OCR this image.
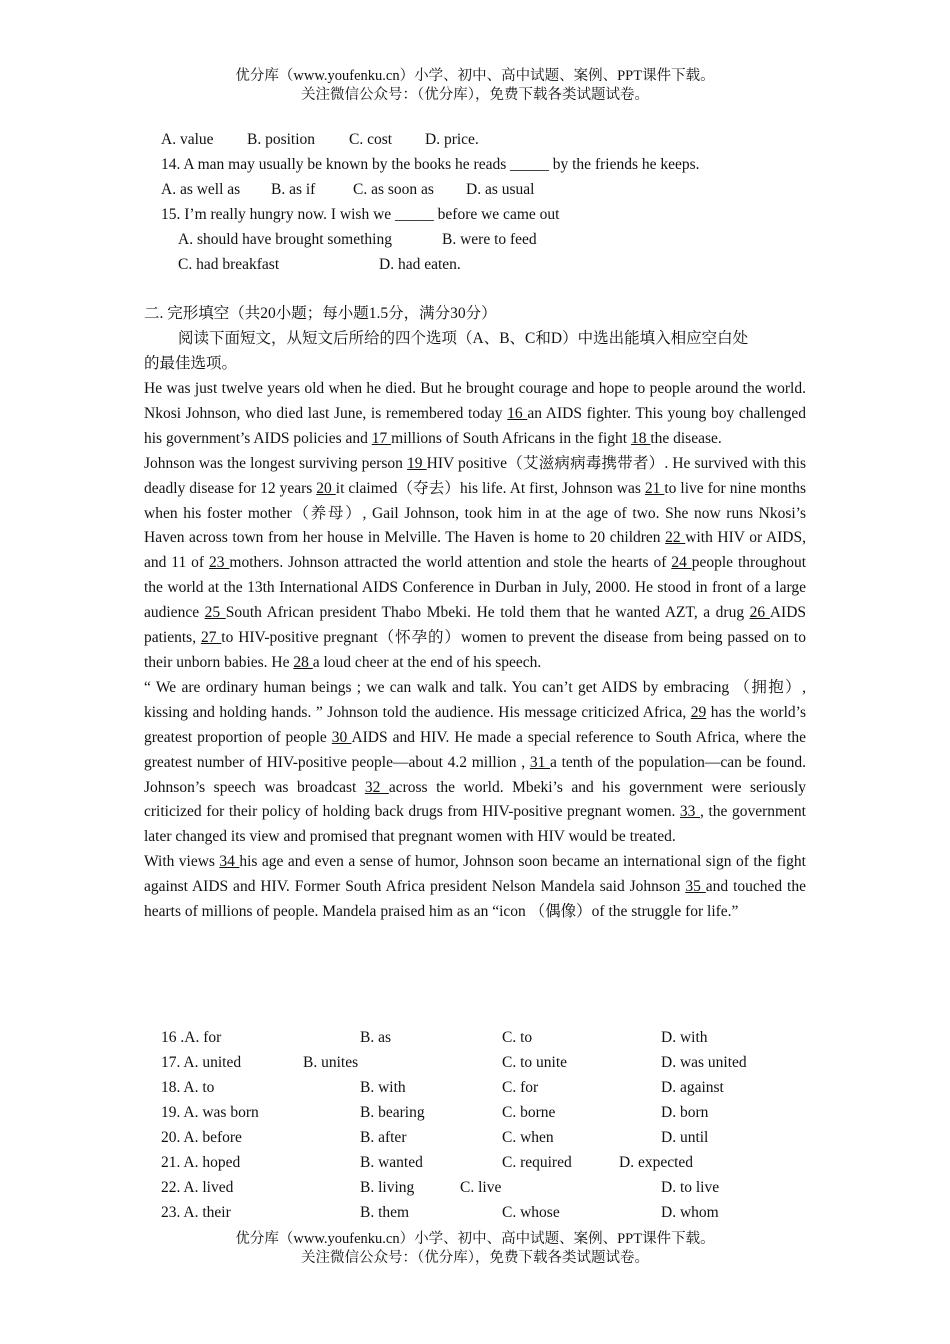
优分库（www.youfenku.cn）小学、初中、高中试题、案例、PPT课件下载。
关注微信公众号：（优分库），免费下载各类试题试卷。
A. value B. position C. cost D. price.
14. A man may usually be known by the books he reads _____ by the friends he keeps.
A. as well as B. as if C. as soon as D. as usual
15. I’m really hungry now. I wish we _____ before we came out
A. should have brought something	B. were to feed
C. had breakfast	D. had eaten.
二. 完形填空（共20小题；每小题1.5分，满分30分）
阅读下面短文，从短文后所给的四个选项（A、B、C和D）中选出能填入相应空白处
的最佳选项。

He was just twelve years old when he died. But he brought courage and hope to people around the world. Nkosi Johnson, who died last June, is remembered today 16 an AIDS fighter. This young boy challenged his government’s AIDS policies and 17 millions of South Africans in the fight 18 the disease.

Johnson was the longest surviving person 19 HIV positive（艾滋病病毒携带者）. He survived with this deadly disease for 12 years 20 it claimed（夺去）his life. At first, Johnson was 21 to live for nine months when his foster mother（养母）, Gail Johnson, took him in at the age of two. She now runs Nkosi’s Haven across town from her house in Melville. The Haven is home to 20 children 22 with HIV or AIDS, and 11 of 23 mothers. Johnson attracted the world attention and stole the hearts of 24 people throughout the world at the 13th International AIDS Conference in Durban in July, 2000. He stood in front of a large audience 25 South African president Thabo Mbeki. He told them that he wanted AZT, a drug 26 AIDS patients, 27 to HIV-positive pregnant（怀孕的）women to prevent the disease from being passed on to their unborn babies. He 28 a loud cheer at the end of his speech.

“ We are ordinary human beings ; we can walk and talk. You can’t get AIDS by embracing （拥抱）, kissing and holding hands. ” Johnson told the audience. His message criticized Africa, 29 has the world’s greatest proportion of people 30 AIDS and HIV. He made a special reference to South Africa, where the greatest number of HIV-positive people—about 4.2 million , 31 a tenth of the population—can be found. Johnson’s speech was broadcast 32 across the world. Mbeki’s and his government were seriously criticized for their policy of holding back drugs from HIV-positive pregnant women. 33 , the government later changed its view and promised that pregnant women with HIV would be treated.

With views 34 his age and even a sense of humor, Johnson soon became an international sign of the fight against AIDS and HIV. Former South Africa president Nelson Mandela said Johnson 35 and touched the hearts of millions of people. Mandela praised him as an “icon （偶像）of the struggle for life.”

16 .A. for	B. as	C. to	D. with
17. A. united	B. unites	C. to unite	D. was united
18. A. to	B. with	C. for	D. against
19. A. was born	B. bearing	C. borne	D. born
20. A. before	B. after	C. when	D. until
21. A. hoped	B. wanted	C. required	D. expected
22. A. lived	B. living	C. live	D. to live
23. A. their	B. them	C. whose	D. whom
优分库（www.youfenku.cn）小学、初中、高中试题、案例、PPT课件下载。
关注微信公众号：（优分库），免费下载各类试题试卷。
